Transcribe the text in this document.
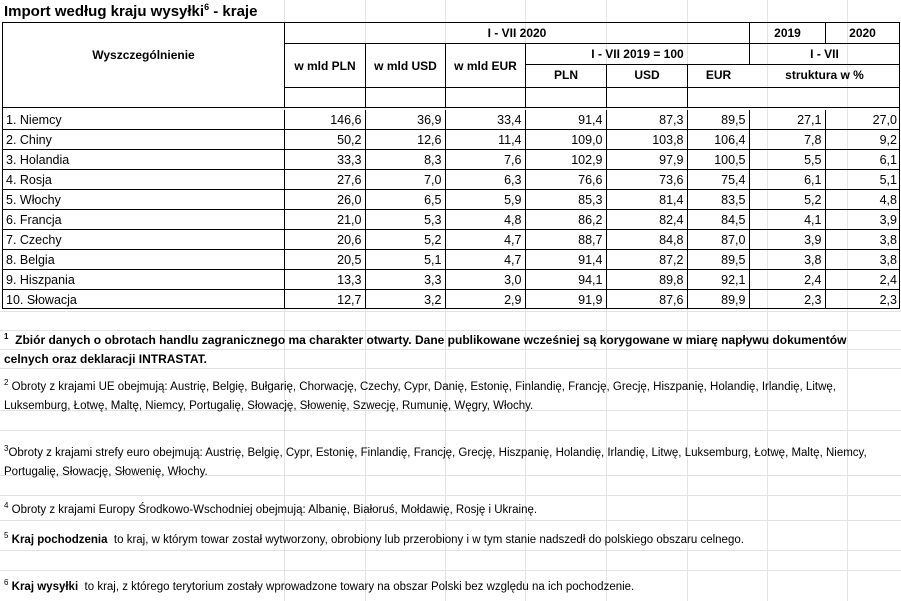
Import według kraju wysyłki$^6$ - kraje
Wyszczególnienie
I - VII 2020	2019	2020
w mld PLN	w mld USD	w mld EUR
I - VII 2019 = 100
PLN	USD	EUR
I - VII
struktura w %

1. Niemcy	146,6	36,9	33,4	91,4	87,3	89,5	27,1	27,0
2. Chiny	50,2	12,6	11,4	109,0	103,8	106,4	7,8	9,2
3. Holandia	33,3	8,3	7,6	102,9	97,9	100,5	5,5	6,1
4. Rosja	27,6	7,0	6,3	76,6	73,6	75,4	6,1	5,1
5. Włochy	26,0	6,5	5,9	85,3	81,4	83,5	5,2	4,8
6. Francja	21,0	5,3	4,8	86,2	82,4	84,5	4,1	3,9
7. Czechy	20,6	5,2	4,7	88,7	84,8	87,0	3,9	3,8
8. Belgia	20,5	5,1	4,7	91,4	87,2	89,5	3,8	3,8
9. Hiszpania	13,3	3,3	3,0	94,1	89,8	92,1	2,4	2,4
10. Słowacja	12,7	3,2	2,9	91,9	87,6	89,9	2,3	2,3
$^1$ Zbiór danych o obrotach handlu zagranicznego ma charakter otwarty. Dane publikowane wcześniej są korygowane w miarę napływu dokumentów celnych oraz deklaracji INTRASTAT.
$^2$ Obroty z krajami UE obejmują: Austrię, Belgię, Bułgarię, Chorwację, Czechy, Cypr, Danię, Estonię, Finlandię, Francję, Grecję, Hiszpanię, Holandię, Irlandię, Litwę, Luksemburg, Łotwę, Maltę, Niemcy, Portugalię, Słowację, Słowenię, Szwecję, Rumunię, Węgry, Włochy.
$^3$Obroty z krajami strefy euro obejmują: Austrię, Belgię, Cypr, Estonię, Finlandię, Francję, Grecję, Hiszpanię, Holandię, Irlandię, Litwę, Luksemburg, Łotwę, Maltę, Niemcy, Portugalię, Słowację, Słowenię, Włochy.
$^4$ Obroty z krajami Europy Środkowo-Wschodniej obejmują: Albanię, Białoruś, Mołdawię, Rosję i Ukrainę.
$^5$ Kraj pochodzenia to kraj, w którym towar został wytworzony, obrobiony lub przerobiony i w tym stanie nadszedł do polskiego obszaru celnego.
$^6$ Kraj wysyłki to kraj, z którego terytorium zostały wprowadzone towary na obszar Polski bez względu na ich pochodzenie.
